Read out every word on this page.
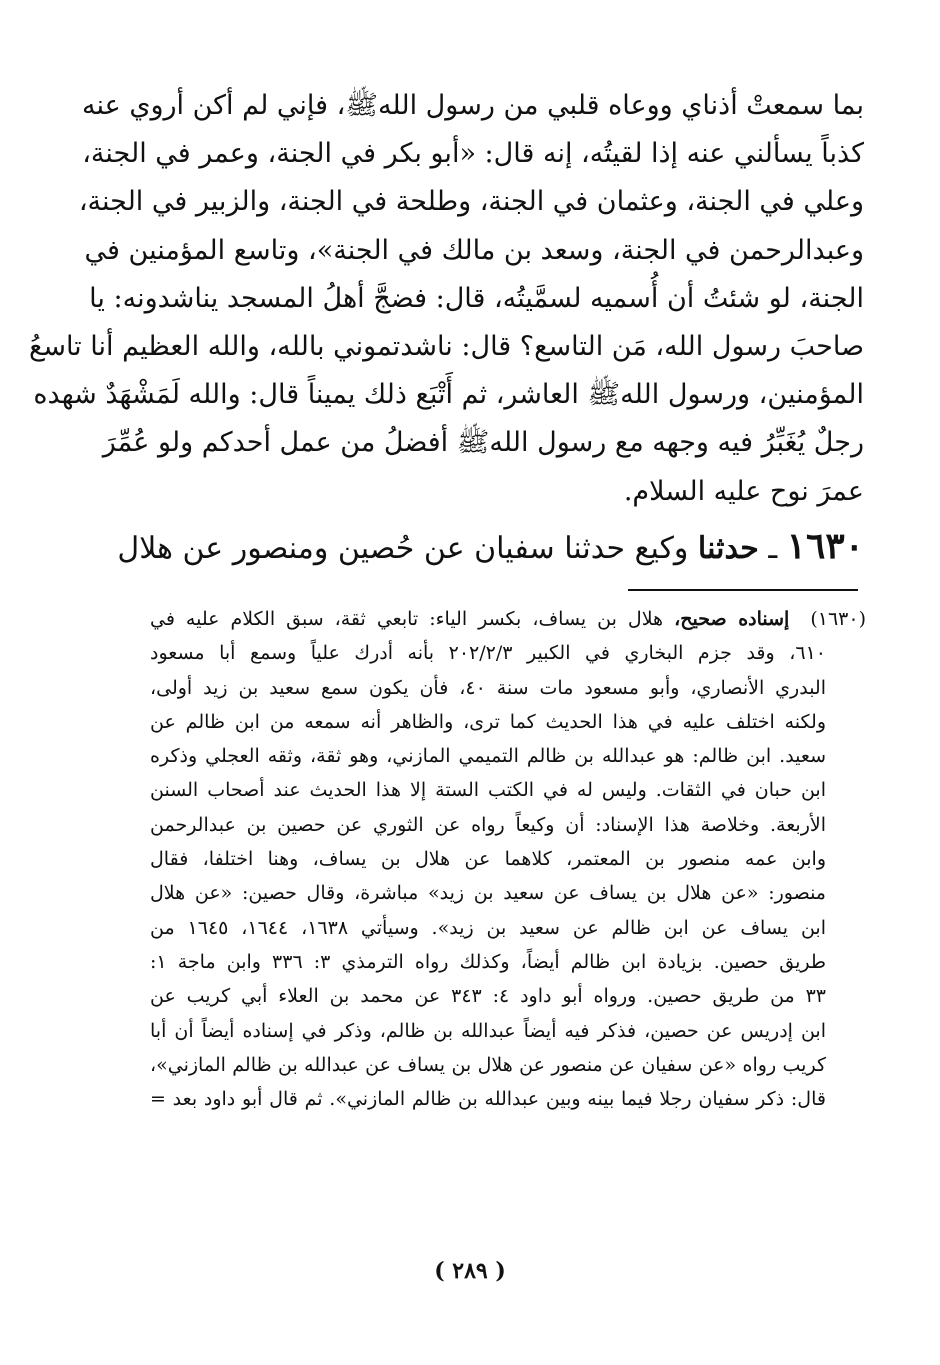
بما سمعتْ أذناي ووعاه قلبي من رسول اللهﷺ، فإني لم أكن أروي عنه
كذباً يسألني عنه إذا لقيتُه، إنه قال: «أبو بكر في الجنة، وعمر في الجنة،
وعلي في الجنة، وعثمان في الجنة، وطلحة في الجنة، والزبير في الجنة،
وعبدالرحمن في الجنة، وسعد بن مالك في الجنة»، وتاسع المؤمنين في
الجنة، لو شئتُ أن أُسميه لسمَّيتُه، قال: فضجَّ أهلُ المسجد يناشدونه: يا
صاحبَ رسول الله، مَن التاسع؟ قال: ناشدتموني بالله، والله العظيم أنا تاسعُ
المؤمنين، ورسول اللهﷺ العاشر، ثم أَتْبَع ذلك يميناً قال: والله لَمَشْهَدٌ شهده
رجلٌ يُغَبِّرُ فيه وجهه مع رسول اللهﷺ أفضلُ من عمل أحدكم ولو عُمِّرَ
عمرَ نوح عليه السلام.
١٦٣٠ ـ حدثنا وكيع حدثنا سفيان عن حُصين ومنصور عن هلال
(١٦٣٠) إسناده صحيح، هلال بن يساف، بكسر الياء: تابعي ثقة، سبق الكلام عليه في
٦١٠، وقد جزم البخاري في الكبير ٢٠٢/٢/٣ بأنه أدرك علياً وسمع أبا مسعود
البدري الأنصاري، وأبو مسعود مات سنة ٤٠، فأن يكون سمع سعيد بن زيد أولى،
ولكنه اختلف عليه في هذا الحديث كما ترى، والظاهر أنه سمعه من ابن ظالم عن
سعيد. ابن ظالم: هو عبدالله بن ظالم التميمي المازني، وهو ثقة، وثقه العجلي وذكره
ابن حبان في الثقات. وليس له في الكتب الستة إلا هذا الحديث عند أصحاب السنن
الأربعة. وخلاصة هذا الإسناد: أن وكيعاً رواه عن الثوري عن حصين بن عبدالرحمن
وابن عمه منصور بن المعتمر، كلاهما عن هلال بن يساف، وهنا اختلفا، فقال
منصور: «عن هلال بن يساف عن سعيد بن زيد» مباشرة، وقال حصين: «عن هلال
ابن يساف عن ابن ظالم عن سعيد بن زيد». وسيأتي ١٦٣٨، ١٦٤٤، ١٦٤٥ من
طريق حصين. بزيادة ابن ظالم أيضاً، وكذلك رواه الترمذي ٣: ٣٣٦ وابن ماجة ١:
٣٣ من طريق حصين. ورواه أبو داود ٤: ٣٤٣ عن محمد بن العلاء أبي كريب عن
ابن إدريس عن حصين، فذكر فيه أيضاً عبدالله بن ظالم، وذكر في إسناده أيضاً أن أبا
كريب رواه «عن سفيان عن منصور عن هلال بن يساف عن عبدالله بن ظالم المازني»،
قال: ذكر سفيان رجلا فيما بينه وبين عبدالله بن ظالم المازني». ثم قال أبو داود بعد =
( ٢٨٩ )
